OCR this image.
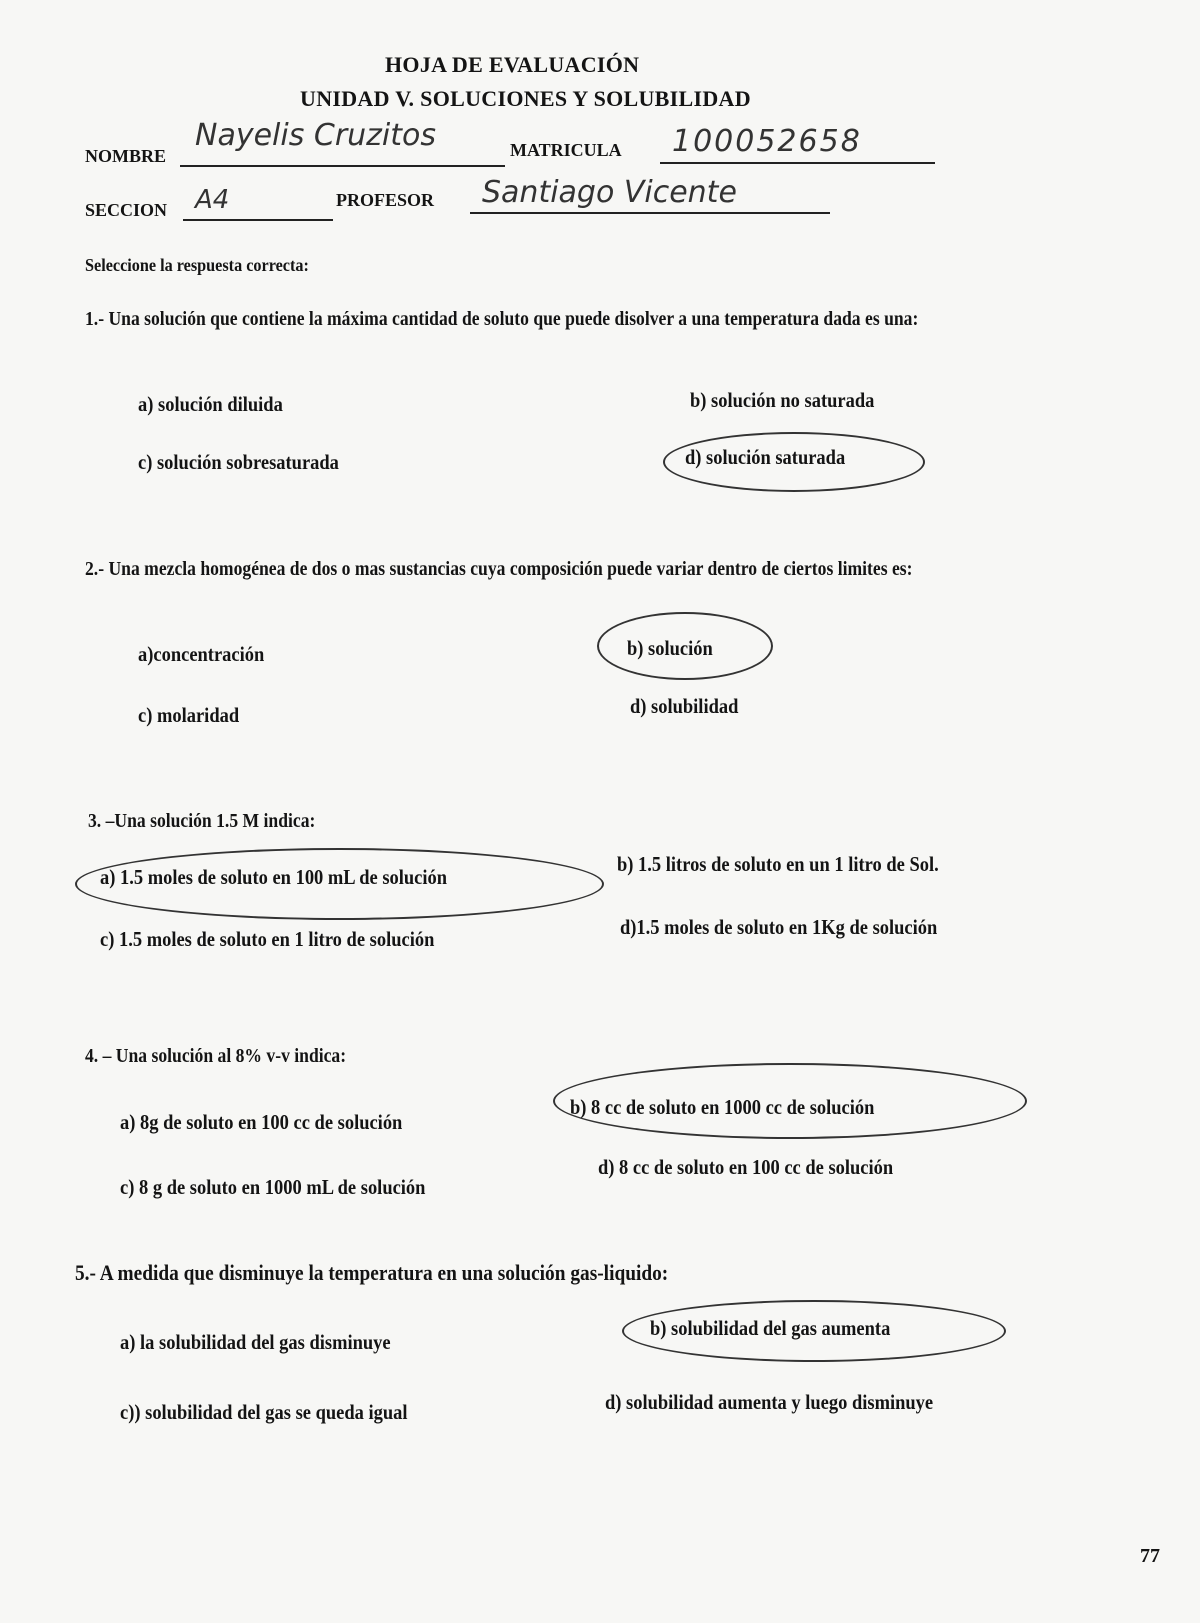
HOJA DE EVALUACIÓN
UNIDAD V. SOLUCIONES Y SOLUBILIDAD
NOMBRE
Nayelis Cruzitos	MATRICULA 100052658
SECCION A4	PROFESOR Santiago Vicente
Seleccione la respuesta correcta:
1.- Una solución que contiene la máxima cantidad de soluto que puede disolver a una temperatura dada es una:
a) solución diluida	b) solución no saturada
c) solución sobresaturada	d) solución saturada
2.- Una mezcla homogénea de dos o mas sustancias cuya composición puede variar dentro de ciertos limites es:
a)concentración	b) solución
c) molaridad	d) solubilidad
3. –Una solución 1.5 M indica:
a) 1.5 moles de soluto en 100 mL de solución
b) 1.5 litros de soluto en un 1 litro de Sol.
c) 1.5 moles de soluto en 1 litro de solución	d)1.5 moles de soluto en 1Kg de solución
4. – Una solución al 8% v-v indica:
a) 8g de soluto en 100 cc de solución
b) 8 cc de soluto en 1000 cc de solución
c) 8 g de soluto en 1000 mL de solución
d) 8 cc de soluto en 100 cc de solución
5.- A medida que disminuye la temperatura en una solución gas-liquido:
a) la solubilidad del gas disminuye
b) solubilidad del gas aumenta
c)) solubilidad del gas se queda igual	d) solubilidad aumenta y luego disminuye
77
